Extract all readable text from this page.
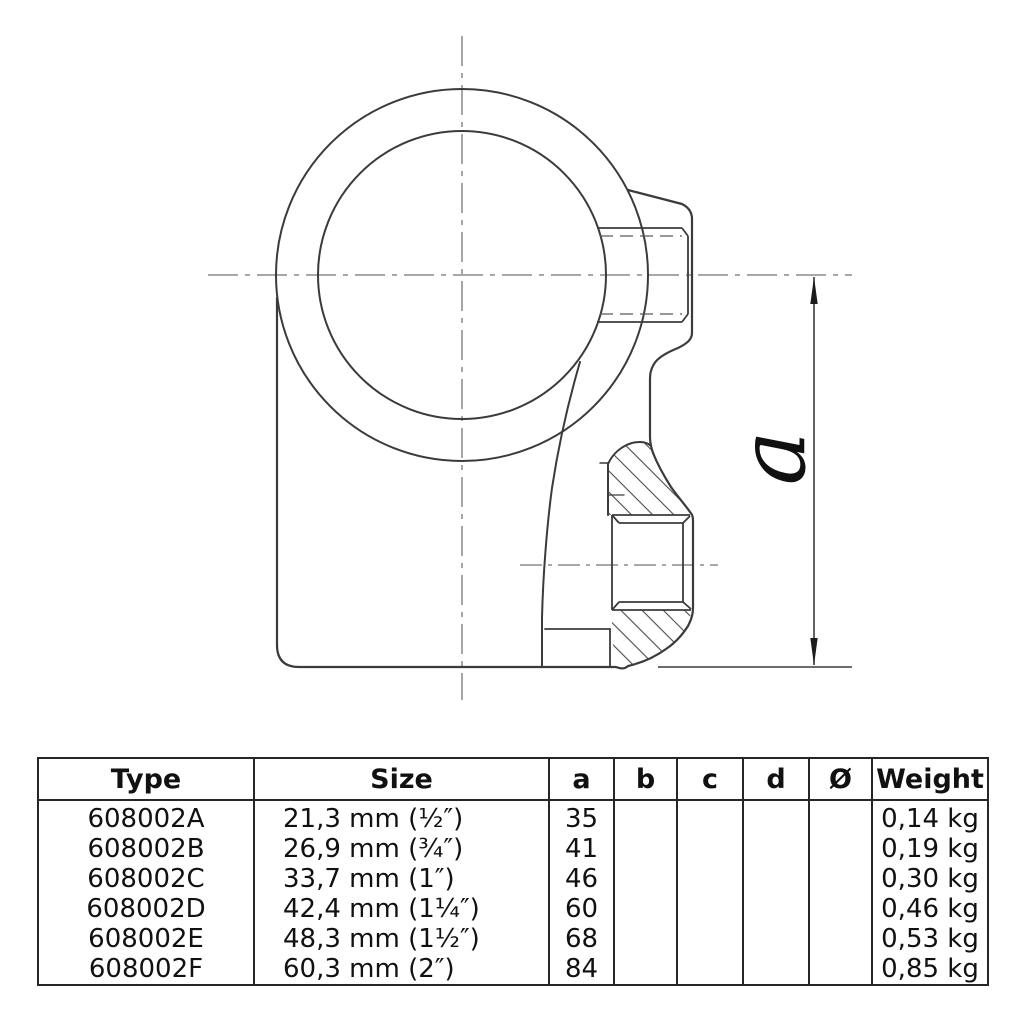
a
Type	Size	a	b	c	d	Ø	Weight
608002A	21,3 mm (½″)	35					0,14 kg
608002B	26,9 mm (¾″)	41					0,19 kg
608002C	33,7 mm (1″)	46					0,30 kg
608002D	42,4 mm (1¼″)	60					0,46 kg
608002E	48,3 mm (1½″)	68					0,53 kg
608002F	60,3 mm (2″)	84					0,85 kg
